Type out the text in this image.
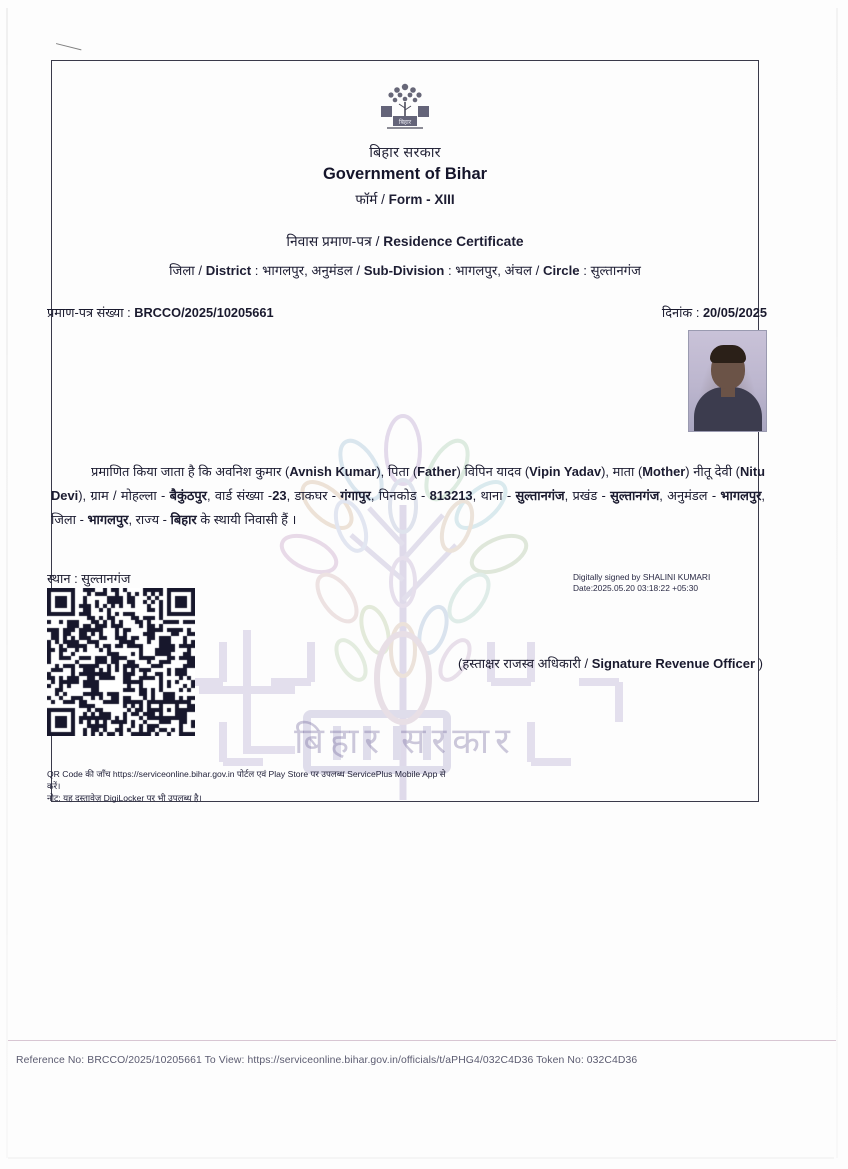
बिहार
बिहार सरकार
Government of Bihar
फॉर्म / Form - XIII
निवास प्रमाण-पत्र / Residence Certificate
जिला / District : भागलपुर, अनुमंडल / Sub-Division : भागलपुर, अंचल / Circle : सुल्तानगंज
प्रमाण-पत्र संख्या : BRCCO/2025/10205661	दिनांक : 20/05/2025
बिहार सरकार
प्रमाणित किया जाता है कि अवनिश कुमार (Avnish Kumar), पिता (Father) विपिन यादव (Vipin Yadav), माता (Mother) नीतू देवी (Nitu Devi), ग्राम / मोहल्ला - बैकुंठपुर, वार्ड संख्या -23, डाकघर - गंगापुर, पिनकोड - 813213, थाना - सुल्तानगंज, प्रखंड - सुल्तानगंज, अनुमंडल - भागलपुर, जिला - भागलपुर, राज्य - बिहार के स्थायी निवासी हैं ।
स्थान : सुल्तानगंज	Digitally signed by SHALINI KUMARI
Date:2025.05.20 03:18:22 +05:30
(हस्ताक्षर राजस्व अधिकारी / Signature Revenue Officer )
QR Code की जाँच https://serviceonline.bihar.gov.in पोर्टल एवं Play Store पर उपलब्ध ServicePlus Mobile App से करें।
नोट: यह दस्तावेज़ DigiLocker पर भी उपलब्ध है।
Reference No: BRCCO/2025/10205661 To View: https://serviceonline.bihar.gov.in/officials/t/aPHG4/032C4D36 Token No: 032C4D36
